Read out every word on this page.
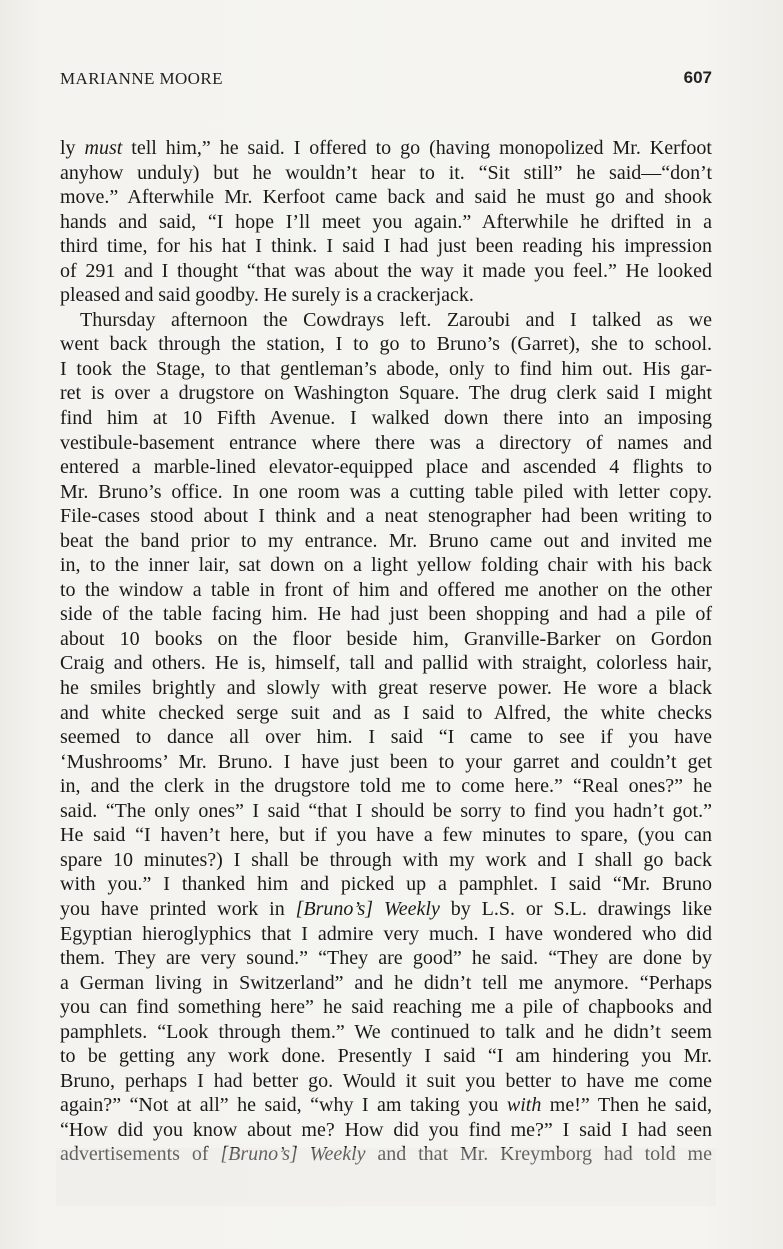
MARIANNE MOORE	607
ly must tell him,” he said. I offered to go (having monopolized Mr. Kerfoot
anyhow unduly) but he wouldn’t hear to it. “Sit still” he said—“don’t
move.” Afterwhile Mr. Kerfoot came back and said he must go and shook
hands and said, “I hope I’ll meet you again.” Afterwhile he drifted in a
third time, for his hat I think. I said I had just been reading his impression
of 291 and I thought “that was about the way it made you feel.” He looked
pleased and said goodby. He surely is a crackerjack.
Thursday afternoon the Cowdrays left. Zaroubi and I talked as we
went back through the station, I to go to Bruno’s (Garret), she to school.
I took the Stage, to that gentleman’s abode, only to find him out. His gar-
ret is over a drugstore on Washington Square. The drug clerk said I might
find him at 10 Fifth Avenue. I walked down there into an imposing
vestibule-basement entrance where there was a directory of names and
entered a marble-lined elevator-equipped place and ascended 4 flights to
Mr. Bruno’s office. In one room was a cutting table piled with letter copy.
File-cases stood about I think and a neat stenographer had been writing to
beat the band prior to my entrance. Mr. Bruno came out and invited me
in, to the inner lair, sat down on a light yellow folding chair with his back
to the window a table in front of him and offered me another on the other
side of the table facing him. He had just been shopping and had a pile of
about 10 books on the floor beside him, Granville-Barker on Gordon
Craig and others. He is, himself, tall and pallid with straight, colorless hair,
he smiles brightly and slowly with great reserve power. He wore a black
and white checked serge suit and as I said to Alfred, the white checks
seemed to dance all over him. I said “I came to see if you have
‘Mushrooms’ Mr. Bruno. I have just been to your garret and couldn’t get
in, and the clerk in the drugstore told me to come here.” “Real ones?” he
said. “The only ones” I said “that I should be sorry to find you hadn’t got.”
He said “I haven’t here, but if you have a few minutes to spare, (you can
spare 10 minutes?) I shall be through with my work and I shall go back
with you.” I thanked him and picked up a pamphlet. I said “Mr. Bruno
you have printed work in [Bruno’s] Weekly by L.S. or S.L. drawings like
Egyptian hieroglyphics that I admire very much. I have wondered who did
them. They are very sound.” “They are good” he said. “They are done by
a German living in Switzerland” and he didn’t tell me anymore. “Perhaps
you can find something here” he said reaching me a pile of chapbooks and
pamphlets. “Look through them.” We continued to talk and he didn’t seem
to be getting any work done. Presently I said “I am hindering you Mr.
Bruno, perhaps I had better go. Would it suit you better to have me come
again?” “Not at all” he said, “why I am taking you with me!” Then he said,
“How did you know about me? How did you find me?” I said I had seen
advertisements of [Bruno’s] Weekly and that Mr. Kreymborg had told me
